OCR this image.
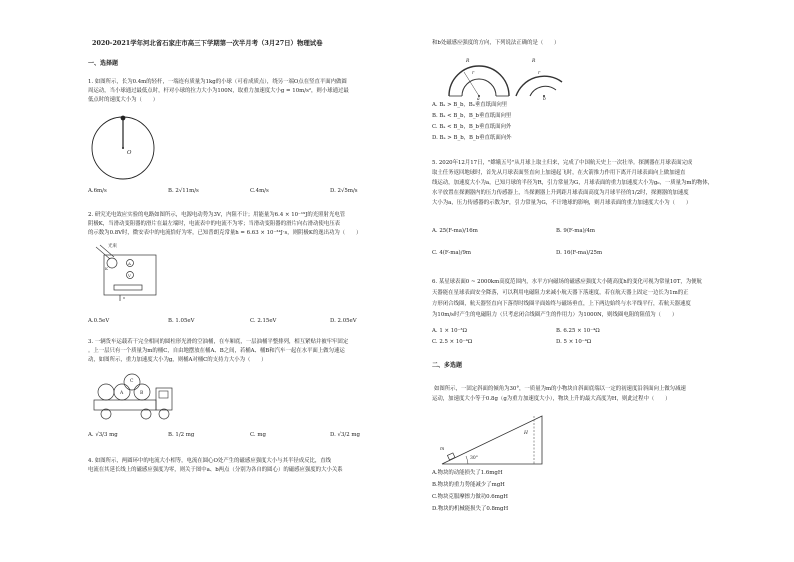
2020-2021学年河北省石家庄市高三下学期第一次半月考（3月27日）物理试卷
一、选择题
1. 如图所示，长为0.4m的轻杆，一端连有质量为1kg的小球（可看成质点），绕另一端O点在竖直平面内做圆
周运动，当小球通过最低点时，杆对小球的拉力大小为100N，取重力加速度大小g = 10m/s²，则小球通过最
低点时的速度大小为（　　）
O
A.6m/s	B. 2√11m/s	C.4m/s	D. 2√5m/s
2. 研究光电效应实验的电路如图所示，电源电动势为3V，内阻不计；用能量为6.4 × 10⁻¹⁹J的光照射光电管
阴极K，当滑动变阻器的滑片在最左端时，电流表中的电流不为零；当滑动变阻器的滑片向右滑动使电压表
的示数为0.8V时，微安表中的电流恰好为零，已知普朗克常量h = 6.63 × 10⁻³⁴J·s，则阴极K的逸出功为（　　）
A
V
K
光束
A.0.5eV	B. 1.05eV	C. 2.15eV	D. 2.05eV
3. 一辆货车运载若干完全相同的圆柱形光滑的空油桶，在车厢底，一层油桶平整排列，相互紧贴并被牢牢固定
。上一层只有一个质量为m的桶C，自由地摆放在桶A、B之间，若桶A、桶B和汽车一起在水平面上做匀速运
动，如图所示，重力加速度大小为g，则桶A对桶C的支持力大小为（　　）
C
A	B
A. √3/3 mg	B. 1/2 mg	C. mg	D. √3/2 mg
4. 如图所示，两圆环中的电流大小相等，电流在圆心O处产生的磁感应强度大小与其半径成反比，直线
电流在其延长线上的磁感应强度为零，则关于图中a、b两点（分别为各自的圆心）的磁感应强度的大小关系
和b处磁感应强度的方向，下列说法正确的是（　　）
R
r
a
R
r
b
A. Bₐ > B_b，Bₐ垂直纸面向里
B. Bₐ < B_b，B_b垂直纸面向里
C. Bₐ < B_b，B_b垂直纸面向外
D. Bₐ > B_b，B_b垂直纸面向外
5. 2020年12月17日，"嫦娥五号"从月球上取土归来，完成了中国航天史上一次壮举。探测器在月球表面完成
取土任务返回地球时，首先从月球表面竖直向上加速起飞时，在火箭推力作用下离开月球表面向上做加速直
线运动，加速度大小为a，已知月球的半径为R，引力常量为G，月球表面的重力加速度大小为g₀，一质量为m的物体，
水平放置在探测器内的压力传感器上，当探测器上升到距月球表面高度为月球半径的1/2时，探测器的加速度
大小为a，压力传感器的示数为F，引力常量为G，不计地球的影响，则月球表面的重力加速度大小为（　　）
A. 25(F-ma)/16m	B. 9(F-ma)/4m
C. 4(F-ma)/9m	D. 16(F-ma)/25m
6. 某星球表面0 ~ 2000km高度范围内，水平方向磁场的磁感应强度大小随高度h的变化可视为常量10T，为便航
天器能在星球表面安全降落，可以利用电磁阻力来减小航天器下落速度，若在航天器上固定一边长为1m的正
方形闭合线圈，航天器竖直向下落得时线圈平面始终与磁场垂直，上下两边始终与水平线平行，若航天器速度
为10m/s时产生的电磁阻力（只考虑闭合线圈产生的作用力）为1000N，则线圈电阻的阻值为（　　）
A. 1 × 10⁻³Ω	B. 6.25 × 10⁻⁴Ω
C. 2.5 × 10⁻⁴Ω	D. 5 × 10⁻⁴Ω
二、多选题
如图所示，一固定斜面的倾角为30°，一质量为m的小物块自斜面底端以一定的初速度沿斜面向上做匀减速
运动，加速度大小等于0.8g（g为重力加速度大小），物块上升的最大高度为H，则此过程中（　　）
m
H
30°
A.物块的动能损失了1.6mgH
B.物块的重力势能减少了mgH
C.物块克服摩擦力做功0.6mgH
D.物块的机械能损失了0.8mgH
